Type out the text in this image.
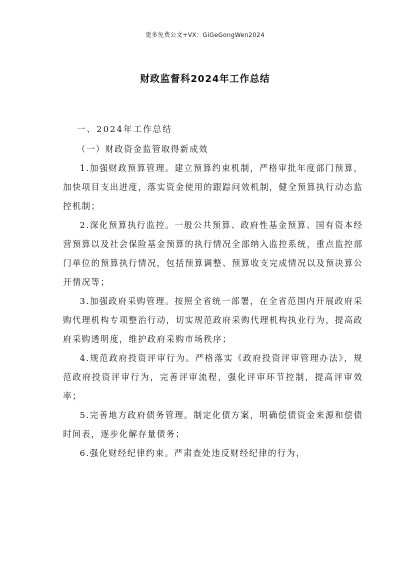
更多免费公文+VX：GiGeGongWen2024
财政监督科2024年工作总结

一、2024年工作总结

（一）财政资金监管取得新成效

1.加强财政预算管理。建立预算约束机制，严格审批年度部门预算，加快项目支出进度，落实资金使用的跟踪问效机制，健全预算执行动态监控机制；

2.深化预算执行监控。一般公共预算、政府性基金预算、国有资本经营预算以及社会保险基金预算的执行情况全部纳入监控系统，重点监控部门单位的预算执行情况，包括预算调整、预算收支完成情况以及预决算公开情况等；

3.加强政府采购管理。按照全省统一部署，在全省范围内开展政府采购代理机构专项整治行动，切实规范政府采购代理机构执业行为，提高政府采购透明度，维护政府采购市场秩序；

4.规范政府投资评审行为。严格落实《政府投资评审管理办法》，规范政府投资评审行为，完善评审流程，强化评审环节控制，提高评审效率；

5.完善地方政府债务管理。制定化债方案，明确偿债资金来源和偿债时间表，逐步化解存量债务；

6.强化财经纪律约束。严肃查处违反财经纪律的行为，
